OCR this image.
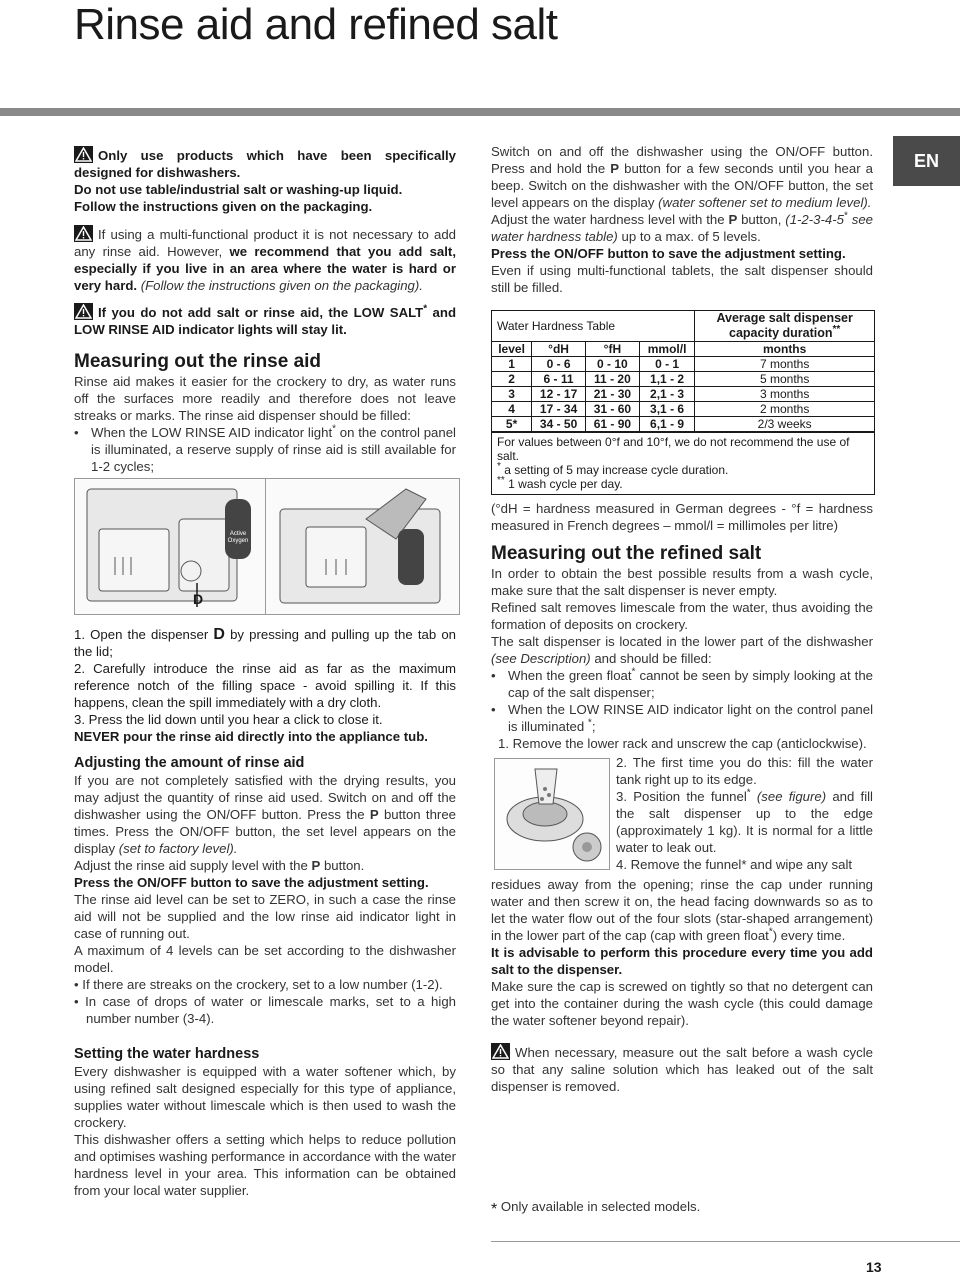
Rinse aid and refined salt
EN

Only use products which have been specifically designed for dishwashers.
Do not use table/industrial salt or washing-up liquid.
Follow the instructions given on the packaging.

If using a multi-functional product it is not necessary to add any rinse aid. However, we recommend that you add salt, especially if you live in an area where the water is hard or very hard. (Follow the instructions given on the packaging).

If you do not add salt or rinse aid, the LOW SALT* and LOW RINSE AID indicator lights will stay lit.

Measuring out the rinse aid

Rinse aid makes it easier for the crockery to dry, as water runs off the surfaces more readily and therefore does not leave streaks or marks. The rinse aid dispenser should be filled:

• When the LOW RINSE AID indicator light* on the control panel is illuminated, a reserve supply of rinse aid is still available for 1-2 cycles;

Active Oxygen
D

1. Open the dispenser D by pressing and pulling up the tab on the lid;

2. Carefully introduce the rinse aid as far as the maximum reference notch of the filling space - avoid spilling it. If this happens, clean the spill immediately with a dry cloth.

3. Press the lid down until you hear a click to close it.

NEVER pour the rinse aid directly into the appliance tub.

Adjusting the amount of rinse aid

If you are not completely satisfied with the drying results, you may adjust the quantity of rinse aid used. Switch on and off the dishwasher using the ON/OFF button. Press the P button three times. Press the ON/OFF button, the set level appears on the display (set to factory level).

Adjust the rinse aid supply level with the P button.

Press the ON/OFF button to save the adjustment setting.

The rinse aid level can be set to ZERO, in such a case the rinse aid will not be supplied and the low rinse aid indicator light in case of running out.

A maximum of 4 levels can be set according to the dishwasher model.

• If there are streaks on the crockery, set to a low number (1-2).

• In case of drops of water or limescale marks, set to a high number number (3-4).

Setting the water hardness

Every dishwasher is equipped with a water softener which, by using refined salt designed especially for this type of appliance, supplies water without limescale which is then used to wash the crockery.

This dishwasher offers a setting which helps to reduce pollution and optimises washing performance in accordance with the water hardness level in your area. This information can be obtained from your local water supplier.

Switch on and off the dishwasher using the ON/OFF button. Press and hold the P button for a few seconds until you hear a beep. Switch on the dishwasher with the ON/OFF button, the set level appears on the display (water softener set to medium level).

Adjust the water hardness level with the P button, (1-2-3-4-5* see water hardness table) up to a max. of 5 levels.

Press the ON/OFF button to save the adjustment setting.

Even if using multi-functional tablets, the salt dispenser should still be filled.

Water Hardness Table				Average salt dispenser
capacity duration**
level	°dH	°fH	mmol/l	months
1	0 - 6	0 - 10	0 - 1	7 months
2	6 - 11	11 - 20	1,1 - 2	5 months
3	12 - 17	21 - 30	2,1 - 3	3 months
4	17 - 34	31 - 60	3,1 - 6	2 months
5*	34 - 50	61 - 90	6,1 - 9	2/3 weeks
For values between 0°f and 10°f, we do not recommend the use of salt.
* a setting of 5 may increase cycle duration.
** 1 wash cycle per day.

(°dH = hardness measured in German degrees - °f = hardness measured in French degrees – mmol/l = millimoles per litre)

Measuring out the refined salt

In order to obtain the best possible results from a wash cycle, make sure that the salt dispenser is never empty.

Refined salt removes limescale from the water, thus avoiding the formation of deposits on crockery.

The salt dispenser is located in the lower part of the dishwasher (see Description) and should be filled:

• When the green float* cannot be seen by simply looking at the cap of the salt dispenser;

• When the LOW RINSE AID indicator light on the control panel is illuminated *;

1. Remove the lower rack and unscrew the cap (anticlockwise).

2. The first time you do this: fill the water tank right up to its edge.

3. Position the funnel* (see figure) and fill the salt dispenser up to the edge (approximately 1 kg). It is normal for a little water to leak out.

4. Remove the funnel* and wipe any salt

residues away from the opening; rinse the cap under running water and then screw it on, the head facing downwards so as to let the water flow out of the four slots (star-shaped arrangement) in the lower part of the cap (cap with green float*) every time.

It is advisable to perform this procedure every time you add salt to the dispenser.

Make sure the cap is screwed on tightly so that no detergent can get into the container during the wash cycle (this could damage the water softener beyond repair).

When necessary, measure out the salt before a wash cycle so that any saline solution which has leaked out of the salt dispenser is removed.

* Only available in selected models.
13
